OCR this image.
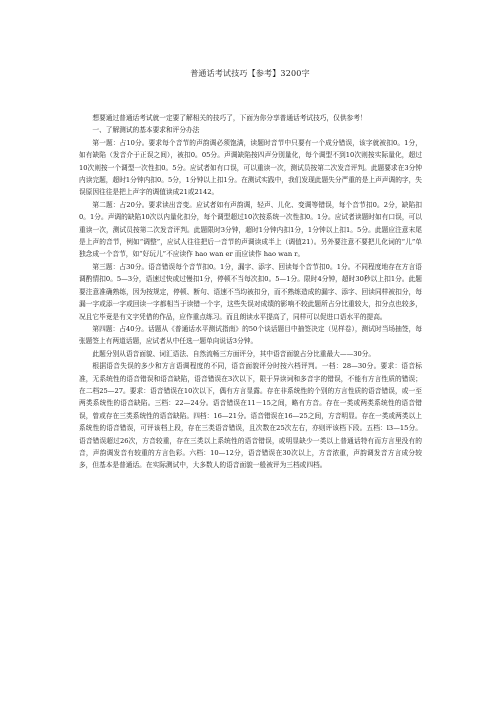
普通话考试技巧【参考】3200字

想要通过普通话考试就一定要了解相关的技巧了，下面为你分享普通话考试技巧，仅供参考！

一、了解测试的基本要求和评分办法

第一题：占10分。要求每个音节的声韵调必须饱满，读题时音节中只要有一个成分错误，该字就被扣0。1分，如有缺陷（发音介于正误之间），被扣0。05分。声调缺陷按四声分别量化，每个调型不到10次则按实际量化，超过10次则按一个调型一次性扣0。5分。应试者如有口误，可以重读一次，测试员按第二次发音评判。此题要求在3分钟内读完题，超时1分钟内扣0。5分，1分钟以上扣1分。在测试实践中，我们发现此题失分严重的是上声声调的字，失误原因往往是把上声字的调值读成21或2142。

第二题：占20分。要求读出音变。应试者如有声韵调，轻声、儿化、变调等错误，每个音节扣0。2分，缺陷扣0。1分。声调的缺陷10次以内量化扣分，每个调型超过10次按系统一次性扣0。1分。应试者读题时如有口误，可以重读一次，测试员按第二次发音评判。此题限时3分钟，超时1分钟内扣1分，1分钟以上扣1。5分。此题应注意末尾是上声的音节，例如“调整”，应试人往往把后一音节的声调读成半上（调值21）。另外要注意不要把儿化词的“儿”单独念成一个音节，如“好玩儿”不应读作 hao wan er 而应读作 hao wan r。

第三题：占30分。语音错误每个音节扣0。1分，漏字、添字、回读每个音节扣0。1分。不同程度地存在方言语调酌情扣0。5—3分，语速过快或过慢扣1分，停顿不当每次扣0。5—1分。限时4分钟，超时30秒以上扣1分。此题要注意准确熟练，因为按规定，停顿、断句、语速不当均被扣分，而不熟练造成的漏字、添字、回读同样被扣分，每漏一字或添一字或回读一字都相当于读错一个字，这些失误对成绩的影响不较此题所占分比重较大，扣分点也较多，况且它毕竟是有文字凭借的作品，应作重点练习。而且朗读水平提高了，同样可以促进口语水平的提高。

第四题：占40分。话题从《普通话水平测试指南》的50个谈话题目中抽签决定（见样卷），测试时当场抽签，每张题签上有两道话题，应试者从中任选一题单向说话3分钟。

此题分别从语音面貌、词汇语法、自然流畅三方面评分，其中语音面貌占分比重最大——30分。

根据语音失误的多少和方言语调程度的不同，语音面貌评分时按六档评判。一档：28—30分。要求：语音标准，无系统性的语音错误和语音缺陷，语音错误在3次以下，限于异读词和多音字的错误，不能有方言性质的错误；在二档25—27。要求：语音错误在10次以下，偶有方言显露。存在非系统性的个别的方言性质的语音错误，或一至两类系统性的语音缺陷。三档：22—24分。语音错误在11－15之间，略有方音。存在一类或两类系统性的语音错误，曾或存在三类系统性的语音缺陷。四档：16—21分。语音错误在16—25之间，方音明显。存在一类或两类以上系统性的语音错误，可评该档上段，存在三类语音错误，且次数在25次左右，亦则评该档下段。五档：l3—15分。语音错误超过26次，方音较重，存在三类以上系统性的语音错误，或明显缺少一类以上普通话特有而方言里没有的音，声韵调发音有较重的方言色彩。六档：10—12分，语音错误在30次以上，方音浓重，声韵调发音方言成分较多，但基本是普通话。在实际测试中，大多数人的语音面貌一般被评为三档或四档。
